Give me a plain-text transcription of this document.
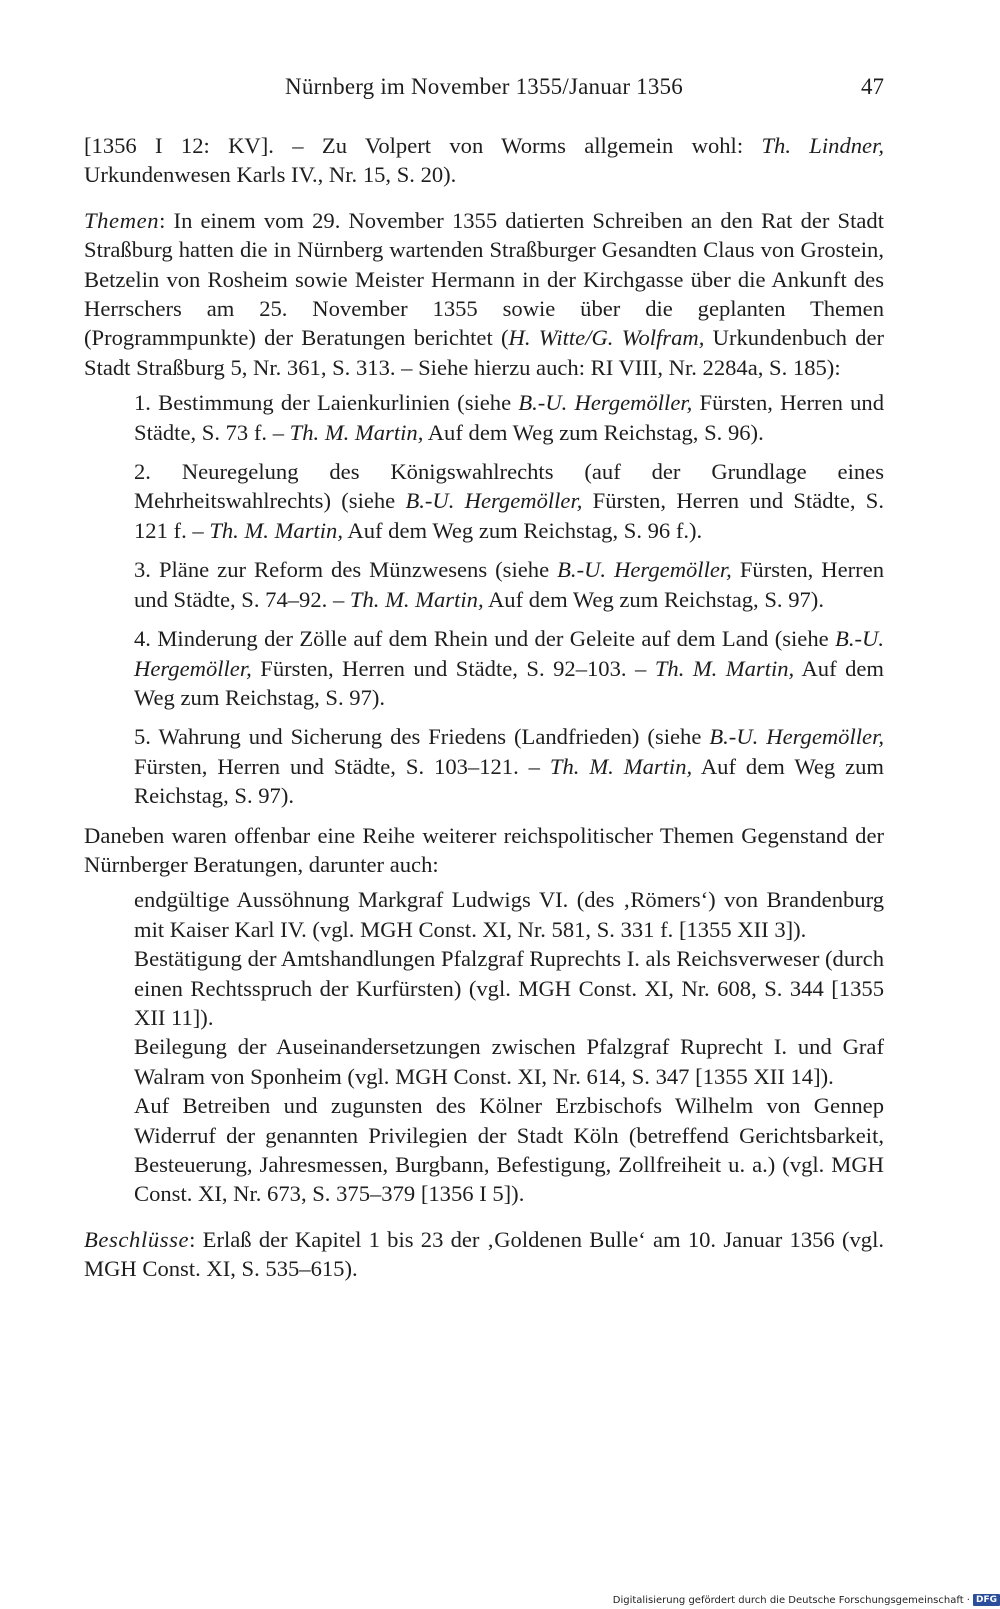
Nürnberg im November 1355/Januar 1356	47

[1356 I 12: KV]. – Zu Volpert von Worms allgemein wohl: Th. Lindner, Urkundenwesen Karls IV., Nr. 15, S. 20).

Themen: In einem vom 29. November 1355 datierten Schreiben an den Rat der Stadt Straßburg hatten die in Nürnberg wartenden Straßburger Gesandten Claus von Grostein, Betzelin von Rosheim sowie Meister Hermann in der Kirchgasse über die Ankunft des Herrschers am 25. November 1355 sowie über die geplanten Themen (Programmpunkte) der Beratungen berichtet (H. Witte/G. Wolfram, Urkundenbuch der Stadt Straßburg 5, Nr. 361, S. 313. – Siehe hierzu auch: RI VIII, Nr. 2284a, S. 185):

1. Bestimmung der Laienkurlinien (siehe B.-U. Hergemöller, Fürsten, Herren und Städte, S. 73 f. – Th. M. Martin, Auf dem Weg zum Reichstag, S. 96).

2. Neuregelung des Königswahlrechts (auf der Grundlage eines Mehrheitswahlrechts) (siehe B.-U. Hergemöller, Fürsten, Herren und Städte, S. 121 f. – Th. M. Martin, Auf dem Weg zum Reichstag, S. 96 f.).

3. Pläne zur Reform des Münzwesens (siehe B.-U. Hergemöller, Fürsten, Herren und Städte, S. 74–92. – Th. M. Martin, Auf dem Weg zum Reichstag, S. 97).

4. Minderung der Zölle auf dem Rhein und der Geleite auf dem Land (siehe B.-U. Hergemöller, Fürsten, Herren und Städte, S. 92–103. – Th. M. Martin, Auf dem Weg zum Reichstag, S. 97).

5. Wahrung und Sicherung des Friedens (Landfrieden) (siehe B.-U. Hergemöller, Fürsten, Herren und Städte, S. 103–121. – Th. M. Martin, Auf dem Weg zum Reichstag, S. 97).

Daneben waren offenbar eine Reihe weiterer reichspolitischer Themen Gegenstand der Nürnberger Beratungen, darunter auch:

endgültige Aussöhnung Markgraf Ludwigs VI. (des ‚Römers‘) von Brandenburg mit Kaiser Karl IV. (vgl. MGH Const. XI, Nr. 581, S. 331 f. [1355 XII 3]).

Bestätigung der Amtshandlungen Pfalzgraf Ruprechts I. als Reichsverweser (durch einen Rechtsspruch der Kurfürsten) (vgl. MGH Const. XI, Nr. 608, S. 344 [1355 XII 11]).

Beilegung der Auseinandersetzungen zwischen Pfalzgraf Ruprecht I. und Graf Walram von Sponheim (vgl. MGH Const. XI, Nr. 614, S. 347 [1355 XII 14]).

Auf Betreiben und zugunsten des Kölner Erzbischofs Wilhelm von Gennep Widerruf der genannten Privilegien der Stadt Köln (betreffend Gerichtsbarkeit, Besteuerung, Jahresmessen, Burgbann, Befestigung, Zollfreiheit u. a.) (vgl. MGH Const. XI, Nr. 673, S. 375–379 [1356 I 5]).

Beschlüsse: Erlaß der Kapitel 1 bis 23 der ‚Goldenen Bulle‘ am 10. Januar 1356 (vgl. MGH Const. XI, S. 535–615).

Digitalisierung gefördert durch die Deutsche Forschungsgemeinschaft · DFG
